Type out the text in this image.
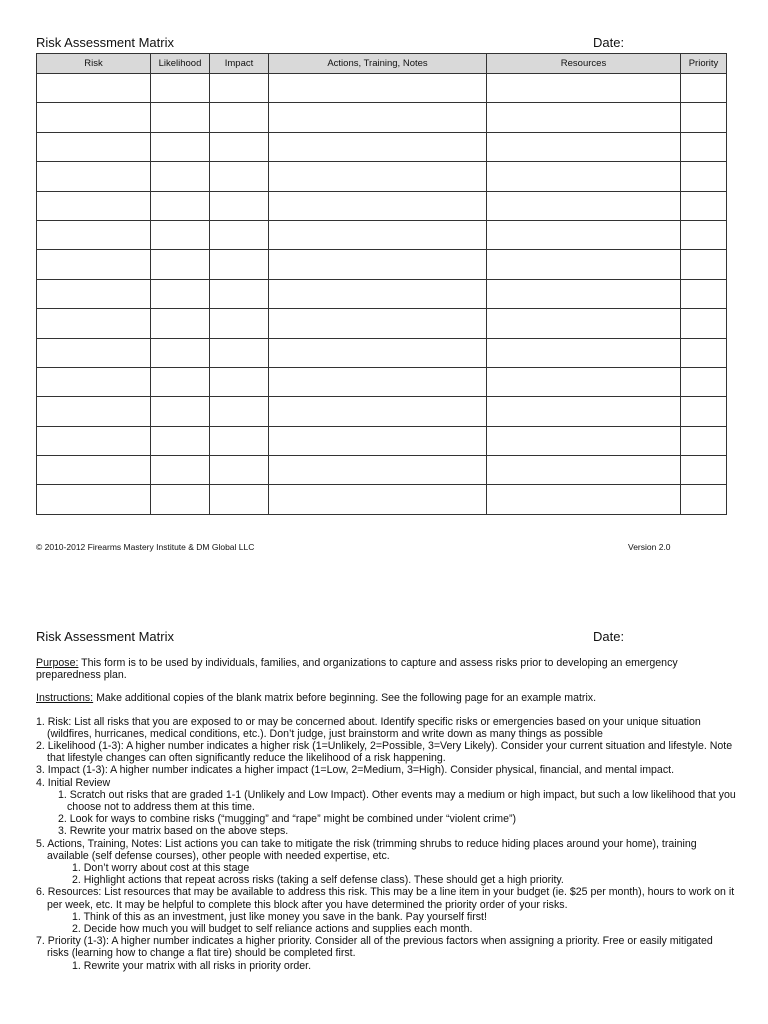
Risk Assessment Matrix	Date:
Risk	Likelihood	Impact	Actions, Training, Notes	Resources	Priority

© 2010-2012 Firearms Mastery Institute & DM Global LLC	Version 2.0
Risk Assessment Matrix	Date:

Purpose: This form is to be used by individuals, families, and organizations to capture and assess risks prior to developing an emergency preparedness plan.

Instructions: Make additional copies of the blank matrix before beginning. See the following page for an example matrix.

1. Risk: List all risks that you are exposed to or may be concerned about. Identify specific risks or emergencies based on your unique situation (wildfires, hurricanes, medical conditions, etc.). Don’t judge, just brainstorm and write down as many things as possible
2. Likelihood (1-3): A higher number indicates a higher risk (1=Unlikely, 2=Possible, 3=Very Likely). Consider your current situation and lifestyle. Note that lifestyle changes can often significantly reduce the likelihood of a risk happening.
3. Impact (1-3): A higher number indicates a higher impact (1=Low, 2=Medium, 3=High). Consider physical, financial, and mental impact.
4. Initial Review
1. Scratch out risks that are graded 1-1 (Unlikely and Low Impact). Other events may a medium or high impact, but such a low likelihood that you choose not to address them at this time.
2. Look for ways to combine risks (“mugging” and “rape” might be combined under “violent crime”)
3. Rewrite your matrix based on the above steps.
5. Actions, Training, Notes: List actions you can take to mitigate the risk (trimming shrubs to reduce hiding places around your home), training available (self defense courses), other people with needed expertise, etc.
1. Don’t worry about cost at this stage
2. Highlight actions that repeat across risks (taking a self defense class). These should get a high priority.
6. Resources: List resources that may be available to address this risk. This may be a line item in your budget (ie. $25 per month), hours to work on it per week, etc. It may be helpful to complete this block after you have determined the priority order of your risks.
1. Think of this as an investment, just like money you save in the bank. Pay yourself first!
2. Decide how much you will budget to self reliance actions and supplies each month.
7. Priority (1-3): A higher number indicates a higher priority. Consider all of the previous factors when assigning a priority. Free or easily mitigated risks (learning how to change a flat tire) should be completed first.
1. Rewrite your matrix with all risks in priority order.
